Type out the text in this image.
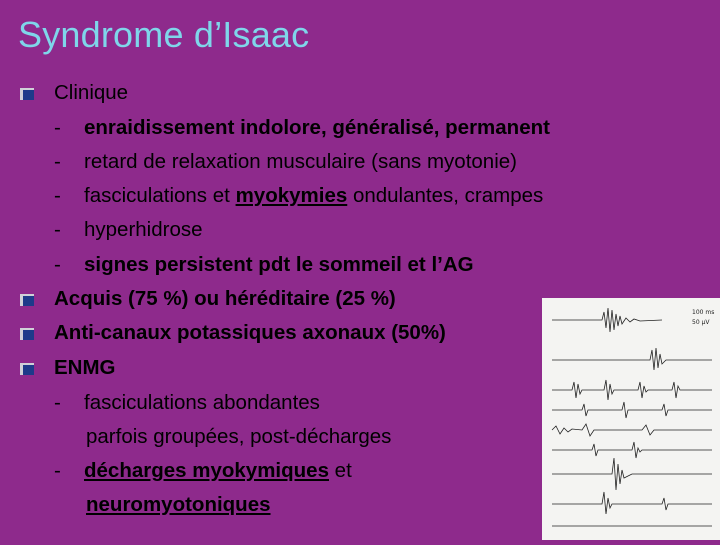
Syndrome d’Isaac
Clinique
- enraidissement indolore, généralisé, permanent
- retard de relaxation musculaire (sans myotonie)
- fasciculations et myokymies ondulantes, crampes
- hyperhidrose
- signes persistent pdt le sommeil et l’AG
Acquis (75 %) ou héréditaire (25 %)
Anti-canaux potassiques axonaux (50%)
ENMG
- fasciculations abondantes
parfois groupées, post-décharges
- décharges myokymiques et
neuromyotoniques
100 ms
50 µV
